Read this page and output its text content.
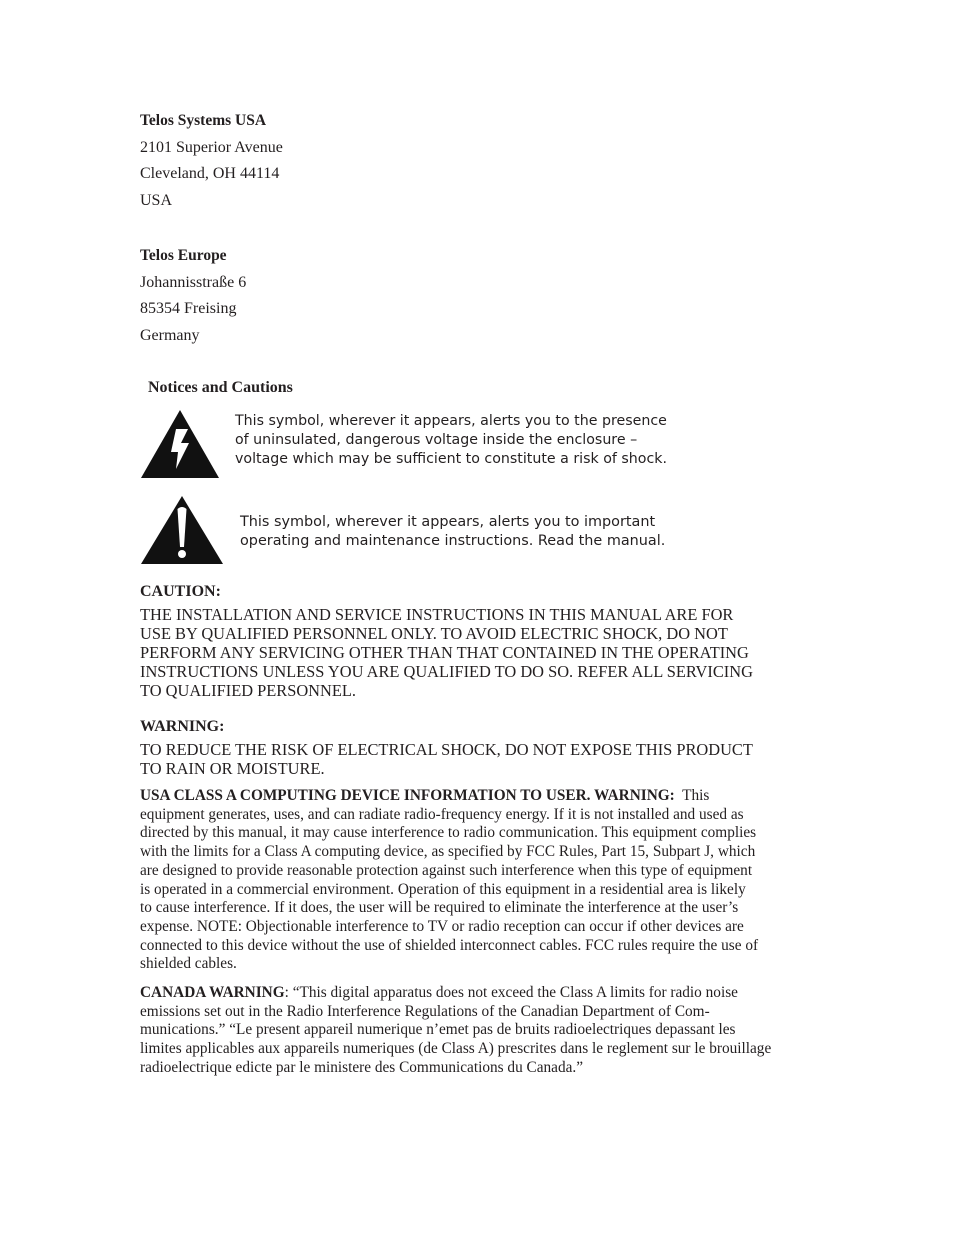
Telos Systems USA
2101 Superior Avenue
Cleveland, OH 44114
USA
Telos Europe
Johannisstraße 6
85354 Freising
Germany
Notices and Cautions
This symbol, wherever it appears, alerts you to the presence
of uninsulated, dangerous voltage inside the enclosure –
voltage which may be sufficient to constitute a risk of shock.
This symbol, wherever it appears, alerts you to important
operating and maintenance instructions. Read the manual.
CAUTION:
THE INSTALLATION AND SERVICE INSTRUCTIONS IN THIS MANUAL ARE FOR
USE BY QUALIFIED PERSONNEL ONLY. TO AVOID ELECTRIC SHOCK, DO NOT
PERFORM ANY SERVICING OTHER THAN THAT CONTAINED IN THE OPERATING
INSTRUCTIONS UNLESS YOU ARE QUALIFIED TO DO SO. REFER ALL SERVICING
TO QUALIFIED PERSONNEL.
WARNING:
TO REDUCE THE RISK OF ELECTRICAL SHOCK, DO NOT EXPOSE THIS PRODUCT
TO RAIN OR MOISTURE.
USA CLASS A COMPUTING DEVICE INFORMATION TO USER. WARNING: This
equipment generates, uses, and can radiate radio-frequency energy. If it is not installed and used as
directed by this manual, it may cause interference to radio communication. This equipment complies
with the limits for a Class A computing device, as specified by FCC Rules, Part 15, Subpart J, which
are designed to provide reasonable protection against such interference when this type of equipment
is operated in a commercial environment. Operation of this equipment in a residential area is likely
to cause interference. If it does, the user will be required to eliminate the interference at the user’s
expense. NOTE: Objectionable interference to TV or radio reception can occur if other devices are
connected to this device without the use of shielded interconnect cables. FCC rules require the use of
shielded cables.
CANADA WARNING: “This digital apparatus does not exceed the Class A limits for radio noise
emissions set out in the Radio Interference Regulations of the Canadian Department of Com-
munications.” “Le present appareil numerique n’emet pas de bruits radioelectriques depassant les
limites applicables aux appareils numeriques (de Class A) prescrites dans le reglement sur le brouillage
radioelectrique edicte par le ministere des Communications du Canada.”
